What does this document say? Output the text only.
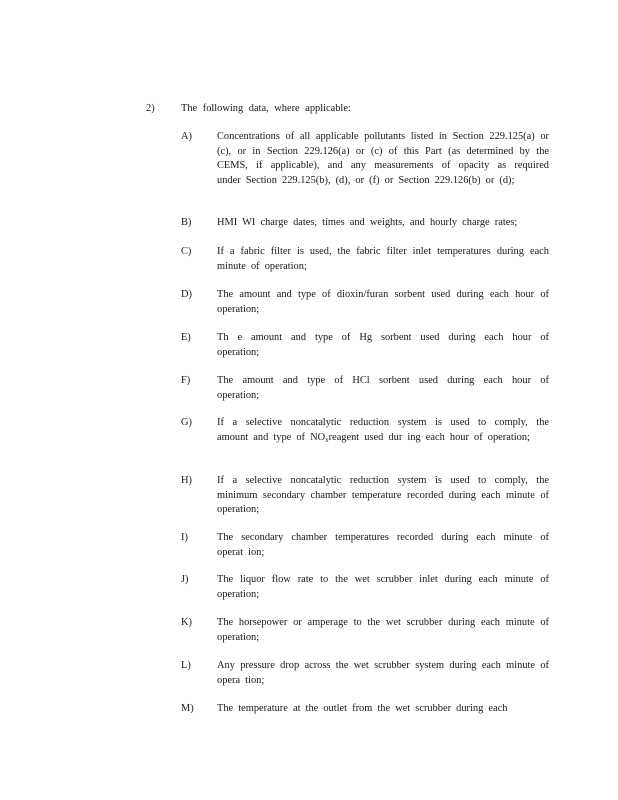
2)	The following data, where applicable:
A) Concentrations of all applicable pollutants listed in Section 229.125(a) or (c), or in Section 229.126(a) or (c) of this Part (as determined by the CEMS, if applicable), and any measurements of opacity as required under Section 229.125(b), (d), or (f) or Section 229.126(b) or (d);
B) HMI WI charge dates, times and weights, and hourly charge rates;
C) If a fabric filter is used, the fabric filter inlet temperatures during each minute of operation;
D) The amount and type of dioxin/furan sorbent used during each hour of operation;
E)	Th e amount and type of Hg sorbent used during each hour of operation;
F)	The amount and type of HCl sorbent used during each hour of operation;
G) If a selective noncatalytic reduction system is used to comply, the amount and type of $NO_xreagent$ used dur ing each hour of operation;
H) If a selective noncatalytic reduction system is used to comply, the minimum secondary chamber temperature recorded during each minute of operation;
I)	The secondary chamber temperatures recorded during each minute of operat ion;
J)	The liquor flow rate to the wet scrubber inlet during each minute of operation;
K) The horsepower or amperage to the wet scrubber during each minute of operation;
L)	Any pressure drop across the wet scrubber system during each minute of opera tion;
M) The temperature at the outlet from the wet scrubber during each
